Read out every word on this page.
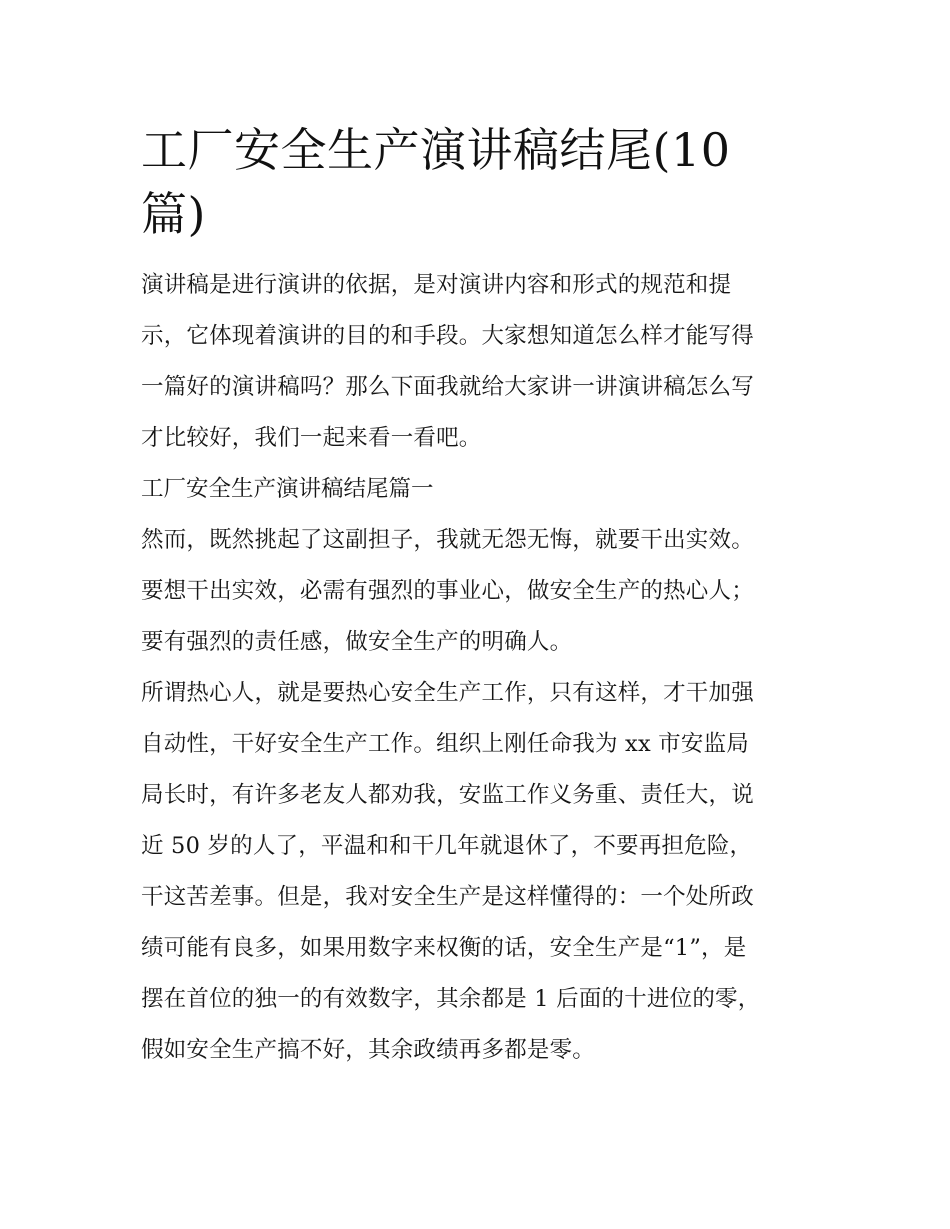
工厂安全生产演讲稿结尾(10
篇)

演讲稿是进行演讲的依据，是对演讲内容和形式的规范和提
示，它体现着演讲的目的和手段。大家想知道怎么样才能写得
一篇好的演讲稿吗？那么下面我就给大家讲一讲演讲稿怎么写
才比较好，我们一起来看一看吧。

工厂安全生产演讲稿结尾篇一

然而，既然挑起了这副担子，我就无怨无悔，就要干出实效。
要想干出实效，必需有强烈的事业心，做安全生产的热心人；
要有强烈的责任感，做安全生产的明确人。

所谓热心人，就是要热心安全生产工作，只有这样，才干加强
自动性，干好安全生产工作。组织上刚任命我为 xx 市安监局
局长时，有许多老友人都劝我，安监工作义务重、责任大，说
近 50 岁的人了，平温和和干几年就退休了，不要再担危险，
干这苦差事。但是，我对安全生产是这样懂得的：一个处所政
绩可能有良多，如果用数字来权衡的话，安全生产是“1”，是
摆在首位的独一的有效数字，其余都是 1 后面的十进位的零，
假如安全生产搞不好，其余政绩再多都是零。
